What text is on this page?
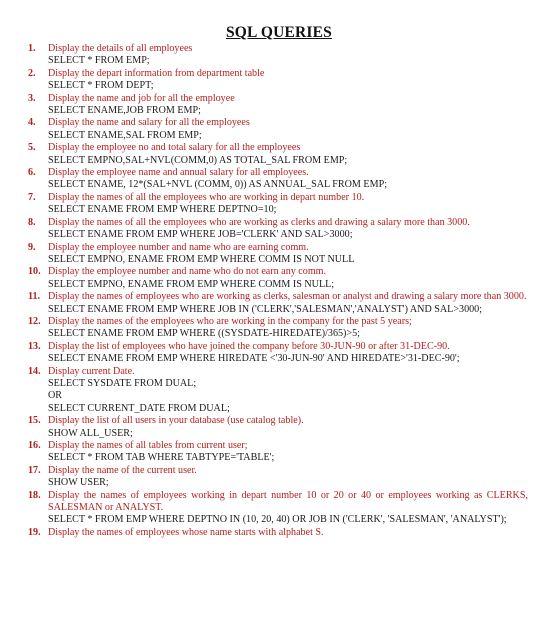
SQL QUERIES
1. Display the details of all employees
SELECT * FROM EMP;
2. Display the depart information from department table
SELECT * FROM DEPT;
3. Display the name and job for all the employee
SELECT ENAME,JOB FROM EMP;
4. Display the name and salary for all the employees
SELECT ENAME,SAL FROM EMP;
5. Display the employee no and total salary for all the employees
SELECT EMPNO,SAL+NVL(COMM,0) AS TOTAL_SAL FROM EMP;
6. Display the employee name and annual salary for all employees.
SELECT ENAME, 12*(SAL+NVL (COMM, 0)) AS ANNUAL_SAL FROM EMP;
7. Display the names of all the employees who are working in depart number 10.
SELECT ENAME FROM EMP WHERE DEPTNO=10;
8. Display the names of all the employees who are working as clerks and drawing a salary more than 3000.
SELECT ENAME FROM EMP WHERE JOB='CLERK' AND SAL>3000;
9. Display the employee number and name who are earning comm.
SELECT EMPNO, ENAME FROM EMP WHERE COMM IS NOT NULL
10. Display the employee number and name who do not earn any comm.
SELECT EMPNO, ENAME FROM EMP WHERE COMM IS NULL;
11. Display the names of employees who are working as clerks, salesman or analyst and drawing a salary more than 3000.
SELECT ENAME FROM EMP WHERE JOB IN ('CLERK','SALESMAN','ANALYST') AND SAL>3000;
12. Display the names of the employees who are working in the company for the past 5 years;
SELECT ENAME FROM EMP WHERE ((SYSDATE-HIREDATE)/365)>5;
13. Display the list of employees who have joined the company before 30-JUN-90 or after 31-DEC-90.
SELECT ENAME FROM EMP WHERE HIREDATE <'30-JUN-90' AND HIREDATE>'31-DEC-90';
14. Display current Date.
SELECT SYSDATE FROM DUAL;
OR
SELECT CURRENT_DATE FROM DUAL;
15. Display the list of all users in your database (use catalog table).
SHOW ALL_USER;
16. Display the names of all tables from current user;
SELECT * FROM TAB WHERE TABTYPE='TABLE';
17. Display the name of the current user.
SHOW USER;
18. Display the names of employees working in depart number 10 or 20 or 40 or employees working as CLERKS, SALESMAN or ANALYST.
SELECT * FROM EMP WHERE DEPTNO IN (10, 20, 40) OR JOB IN ('CLERK', 'SALESMAN', 'ANALYST');
19. Display the names of employees whose name starts with alphabet S.
